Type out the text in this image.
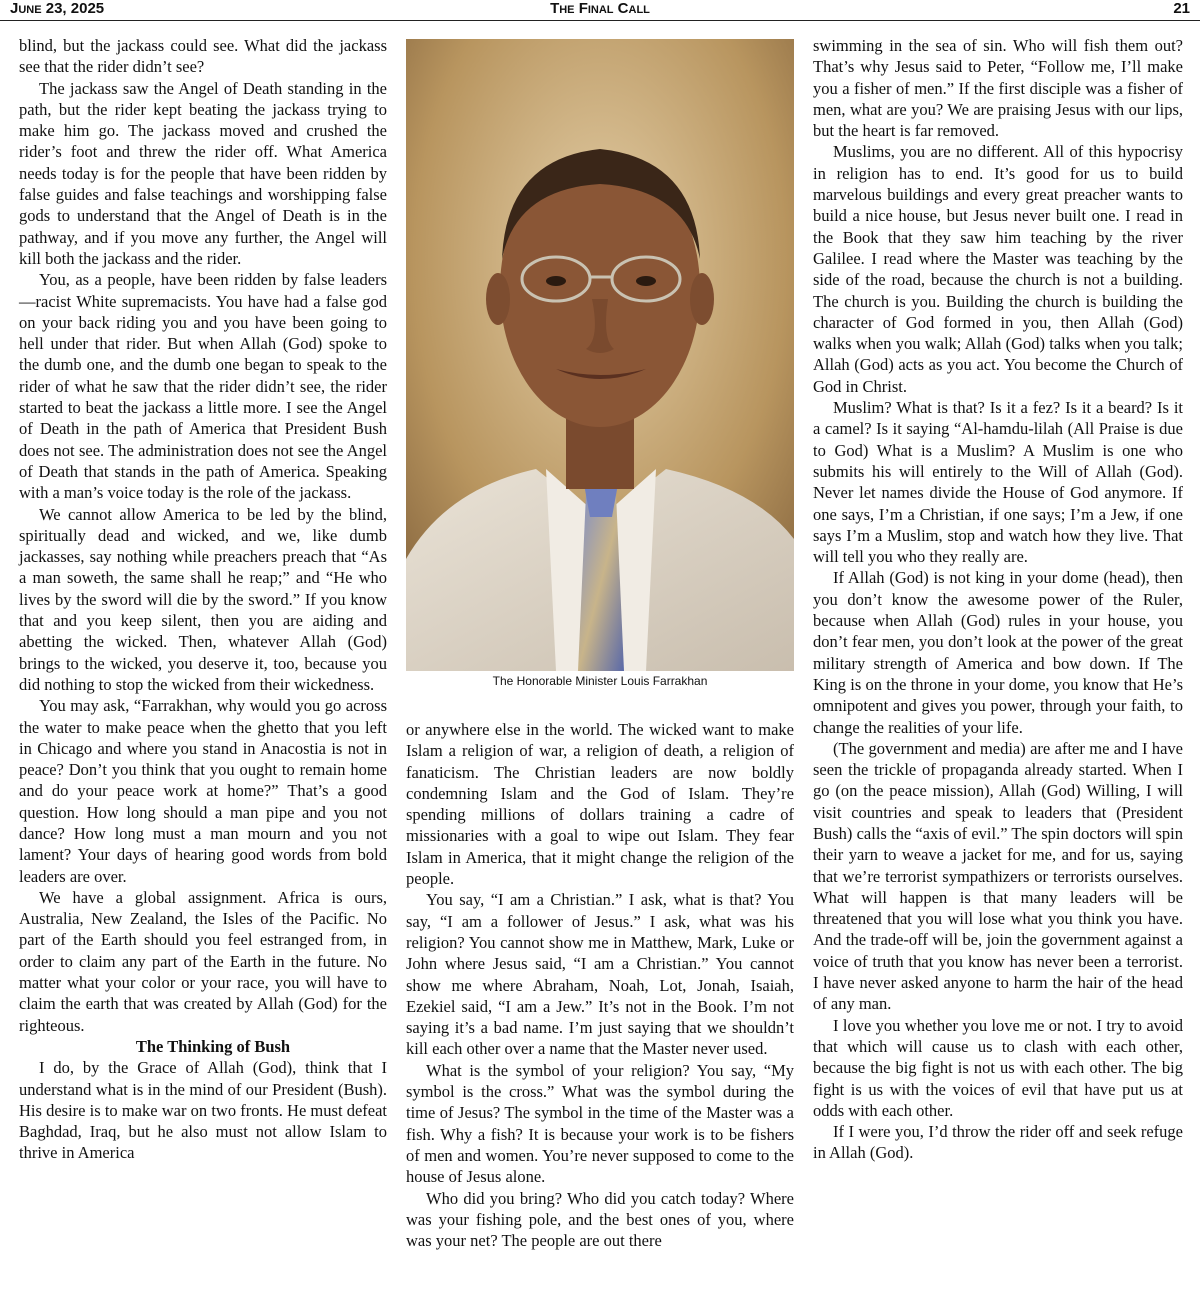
June 23, 2025	The Final Call	21

blind, but the jackass could see. What did the jackass see that the rider didn’t see?

The jackass saw the Angel of Death standing in the path, but the rider kept beating the jackass trying to make him go. The jackass moved and crushed the rider’s foot and threw the rider off. What America needs today is for the people that have been ridden by false guides and false teachings and worshipping false gods to understand that the Angel of Death is in the pathway, and if you move any further, the Angel will kill both the jackass and the rider.

You, as a people, have been ridden by false leaders—racist White supremacists. You have had a false god on your back riding you and you have been going to hell under that rider. But when Allah (God) spoke to the dumb one, and the dumb one began to speak to the rider of what he saw that the rider didn’t see, the rider started to beat the jackass a little more. I see the Angel of Death in the path of America that President Bush does not see. The administration does not see the Angel of Death that stands in the path of America. Speaking with a man’s voice today is the role of the jackass.

We cannot allow America to be led by the blind, spiritually dead and wicked, and we, like dumb jackasses, say nothing while preachers preach that “As a man soweth, the same shall he reap;” and “He who lives by the sword will die by the sword.” If you know that and you keep silent, then you are aiding and abetting the wicked. Then, whatever Allah (God) brings to the wicked, you deserve it, too, because you did nothing to stop the wicked from their wickedness.

You may ask, “Farrakhan, why would you go across the water to make peace when the ghetto that you left in Chicago and where you stand in Anacostia is not in peace? Don’t you think that you ought to remain home and do your peace work at home?” That’s a good question. How long should a man pipe and you not dance? How long must a man mourn and you not lament? Your days of hearing good words from bold leaders are over.

We have a global assignment. Africa is ours, Australia, New Zealand, the Isles of the Pacific. No part of the Earth should you feel estranged from, in order to claim any part of the Earth in the future. No matter what your color or your race, you will have to claim the earth that was created by Allah (God) for the righteous.

The Thinking of Bush

I do, by the Grace of Allah (God), think that I understand what is in the mind of our President (Bush). His desire is to make war on two fronts. He must defeat Baghdad, Iraq, but he also must not allow Islam to thrive in America

The Honorable Minister Louis Farrakhan

or anywhere else in the world. The wicked want to make Islam a religion of war, a religion of death, a religion of fanaticism. The Christian leaders are now boldly condemning Islam and the God of Islam. They’re spending millions of dollars training a cadre of missionaries with a goal to wipe out Islam. They fear Islam in America, that it might change the religion of the people.

You say, “I am a Christian.” I ask, what is that? You say, “I am a follower of Jesus.” I ask, what was his religion? You cannot show me in Matthew, Mark, Luke or John where Jesus said, “I am a Christian.” You cannot show me where Abraham, Noah, Lot, Jonah, Isaiah, Ezekiel said, “I am a Jew.” It’s not in the Book. I’m not saying it’s a bad name. I’m just saying that we shouldn’t kill each other over a name that the Master never used.

What is the symbol of your religion? You say, “My symbol is the cross.” What was the symbol during the time of Jesus? The symbol in the time of the Master was a fish. Why a fish? It is because your work is to be fishers of men and women. You’re never supposed to come to the house of Jesus alone.

Who did you bring? Who did you catch today? Where was your fishing pole, and the best ones of you, where was your net? The people are out there

swimming in the sea of sin. Who will fish them out? That’s why Jesus said to Peter, “Follow me, I’ll make you a fisher of men.” If the first disciple was a fisher of men, what are you? We are praising Jesus with our lips, but the heart is far removed.

Muslims, you are no different. All of this hypocrisy in religion has to end. It’s good for us to build marvelous buildings and every great preacher wants to build a nice house, but Jesus never built one. I read in the Book that they saw him teaching by the river Galilee. I read where the Master was teaching by the side of the road, because the church is not a building. The church is you. Building the church is building the character of God formed in you, then Allah (God) walks when you walk; Allah (God) talks when you talk; Allah (God) acts as you act. You become the Church of God in Christ.

Muslim? What is that? Is it a fez? Is it a beard? Is it a camel? Is it saying “Al-hamdu-lilah (All Praise is due to God) What is a Muslim? A Muslim is one who submits his will entirely to the Will of Allah (God). Never let names divide the House of God anymore. If one says, I’m a Christian, if one says; I’m a Jew, if one says I’m a Muslim, stop and watch how they live. That will tell you who they really are.

If Allah (God) is not king in your dome (head), then you don’t know the awesome power of the Ruler, because when Allah (God) rules in your house, you don’t fear men, you don’t look at the power of the great military strength of America and bow down. If The King is on the throne in your dome, you know that He’s omnipotent and gives you power, through your faith, to change the realities of your life.

(The government and media) are after me and I have seen the trickle of propaganda already started. When I go (on the peace mission), Allah (God) Willing, I will visit countries and speak to leaders that (President Bush) calls the “axis of evil.” The spin doctors will spin their yarn to weave a jacket for me, and for us, saying that we’re terrorist sympathizers or terrorists ourselves. What will happen is that many leaders will be threatened that you will lose what you think you have. And the trade-off will be, join the government against a voice of truth that you know has never been a terrorist. I have never asked anyone to harm the hair of the head of any man.

I love you whether you love me or not. I try to avoid that which will cause us to clash with each other, because the big fight is not us with each other. The big fight is us with the voices of evil that have put us at odds with each other.

If I were you, I’d throw the rider off and seek refuge in Allah (God).
